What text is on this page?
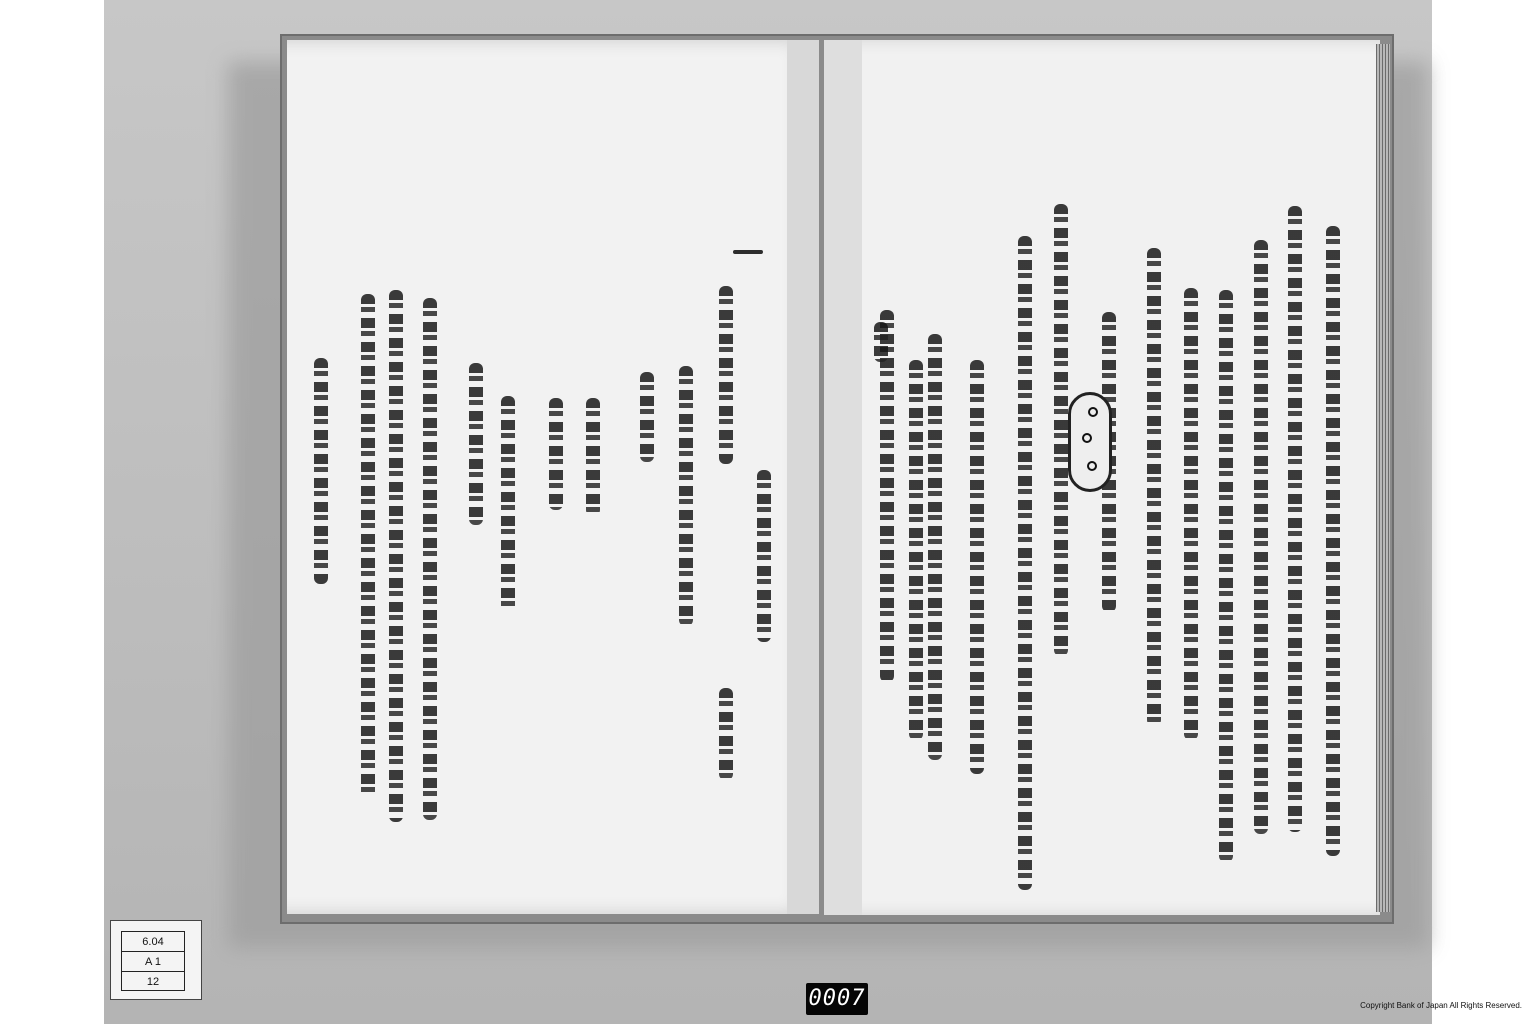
6.04
A 1
12
0007	Copyright Bank of Japan All Rights Reserved.
